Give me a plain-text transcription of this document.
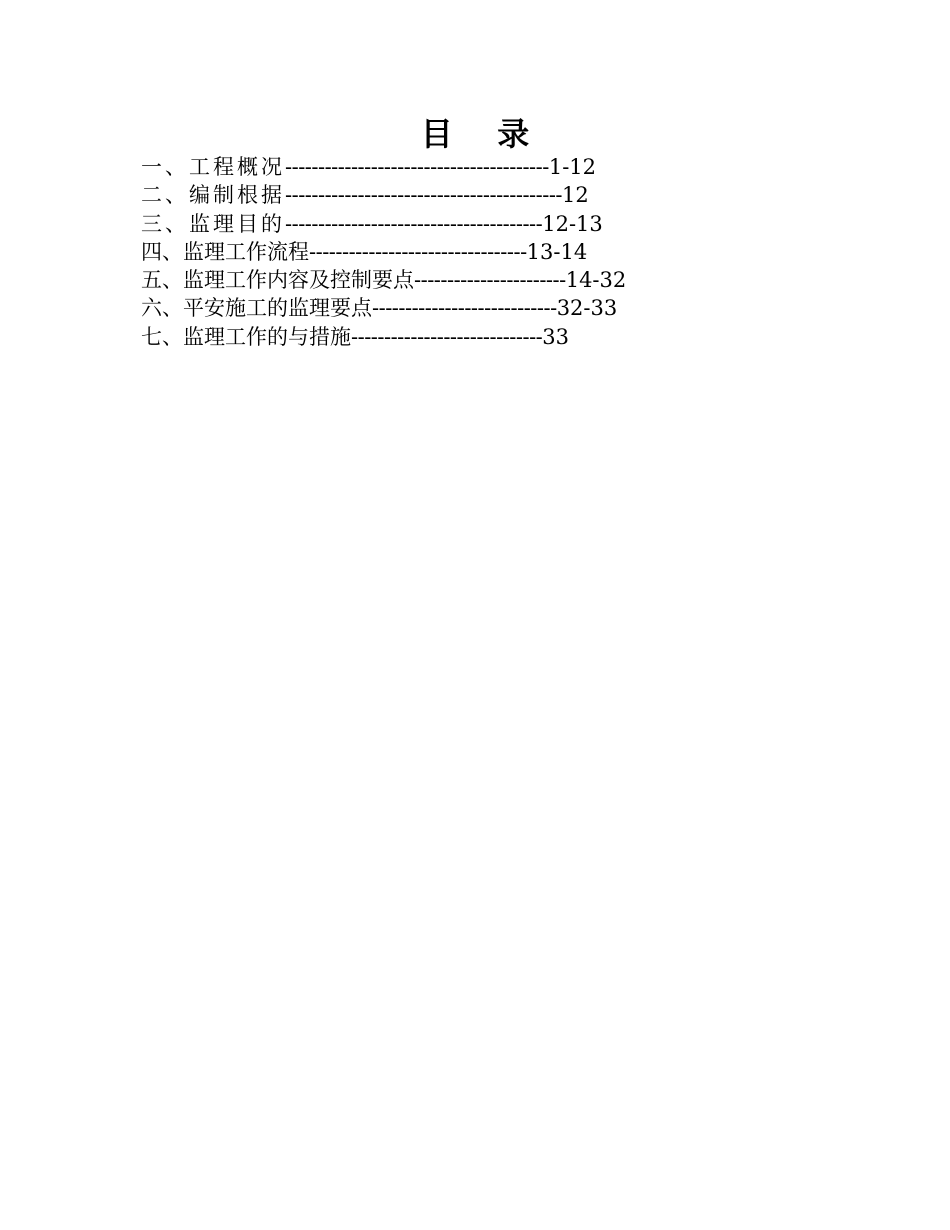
目    录
一、工程概况----------------------------------------1-12
二、编制根据------------------------------------------12
三、监理目的---------------------------------------12-13
四、监理工作流程---------------------------------13-14
五、监理工作内容及控制要点-----------------------14-32
六、平安施工的监理要点----------------------------32-33
七、监理工作的与措施-----------------------------33
